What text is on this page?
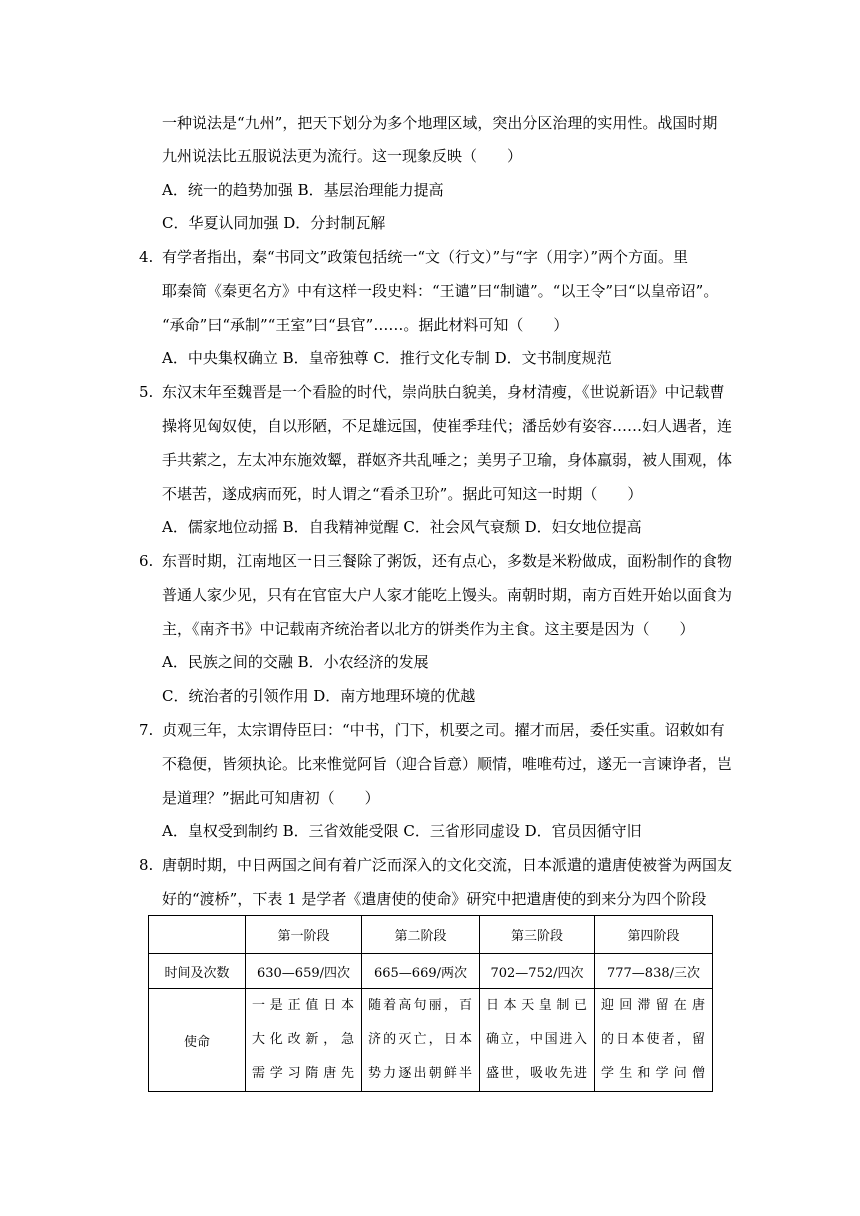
一种说法是“九州”，把天下划分为多个地理区域，突出分区治理的实用性。战国时期
九州说法比五服说法更为流行。这一现象反映（　　）
A．统一的趋势加强 B．基层治理能力提高
C．华夏认同加强 D．分封制瓦解
4. 有学者指出，秦“书同文”政策包括统一“文（行文）”与“字（用字）”两个方面。里
耶秦简《秦更名方》中有这样一段史料：“王谴”曰“制谴”。“以王令”曰“以皇帝诏”。
“承命”曰“承制”“王室”曰“县官”……。据此材料可知（　　）
A．中央集权确立 B．皇帝独尊 C．推行文化专制 D．文书制度规范
5. 东汉末年至魏晋是一个看脸的时代，崇尚肤白貌美，身材清瘦，《世说新语》中记载曹
操将见匈奴使，自以形陋，不足雄远国，使崔季珪代；潘岳妙有姿容……妇人遇者，连
手共萦之，左太冲东施效颦，群妪齐共乱唾之；美男子卫瑜，身体羸弱，被人围观，体
不堪苦，遂成病而死，时人谓之“看杀卫玠”。据此可知这一时期（　　）
A．儒家地位动摇 B．自我精神觉醒 C．社会风气衰颓 D．妇女地位提高
6. 东晋时期，江南地区一日三餐除了粥饭，还有点心，多数是米粉做成，面粉制作的食物
普通人家少见，只有在官宦大户人家才能吃上馒头。南朝时期，南方百姓开始以面食为
主，《南齐书》中记载南齐统治者以北方的饼类作为主食。这主要是因为（　　）
A．民族之间的交融 B．小农经济的发展
C．统治者的引领作用 D．南方地理环境的优越
7. 贞观三年，太宗谓侍臣曰：“中书，门下，机要之司。擢才而居，委任实重。诏敕如有
不稳便，皆须执论。比来惟觉阿旨（迎合旨意）顺情，唯唯苟过，遂无一言谏诤者，岂
是道理？”据此可知唐初（　　）
A．皇权受到制约 B．三省效能受限 C．三省形同虚设 D．官员因循守旧
8. 唐朝时期，中日两国之间有着广泛而深入的文化交流，日本派遣的遣唐使被誉为两国友
好的“渡桥”，下表 1 是学者《遣唐使的使命》研究中把遣唐使的到来分为四个阶段
	第一阶段	第二阶段	第三阶段	第四阶段
时间及次数	630—659/四次	665—669/两次	702—752/四次	777—838/三次
使命	一是正值日本
大化改新，急
需学习隋唐先	随着高句丽，百
济的灭亡，日本
势力逐出朝鲜半	日本天皇制已
确立，中国进入
盛世，吸收先进	迎回滞留在唐
的日本使者，留
学生和学问僧
